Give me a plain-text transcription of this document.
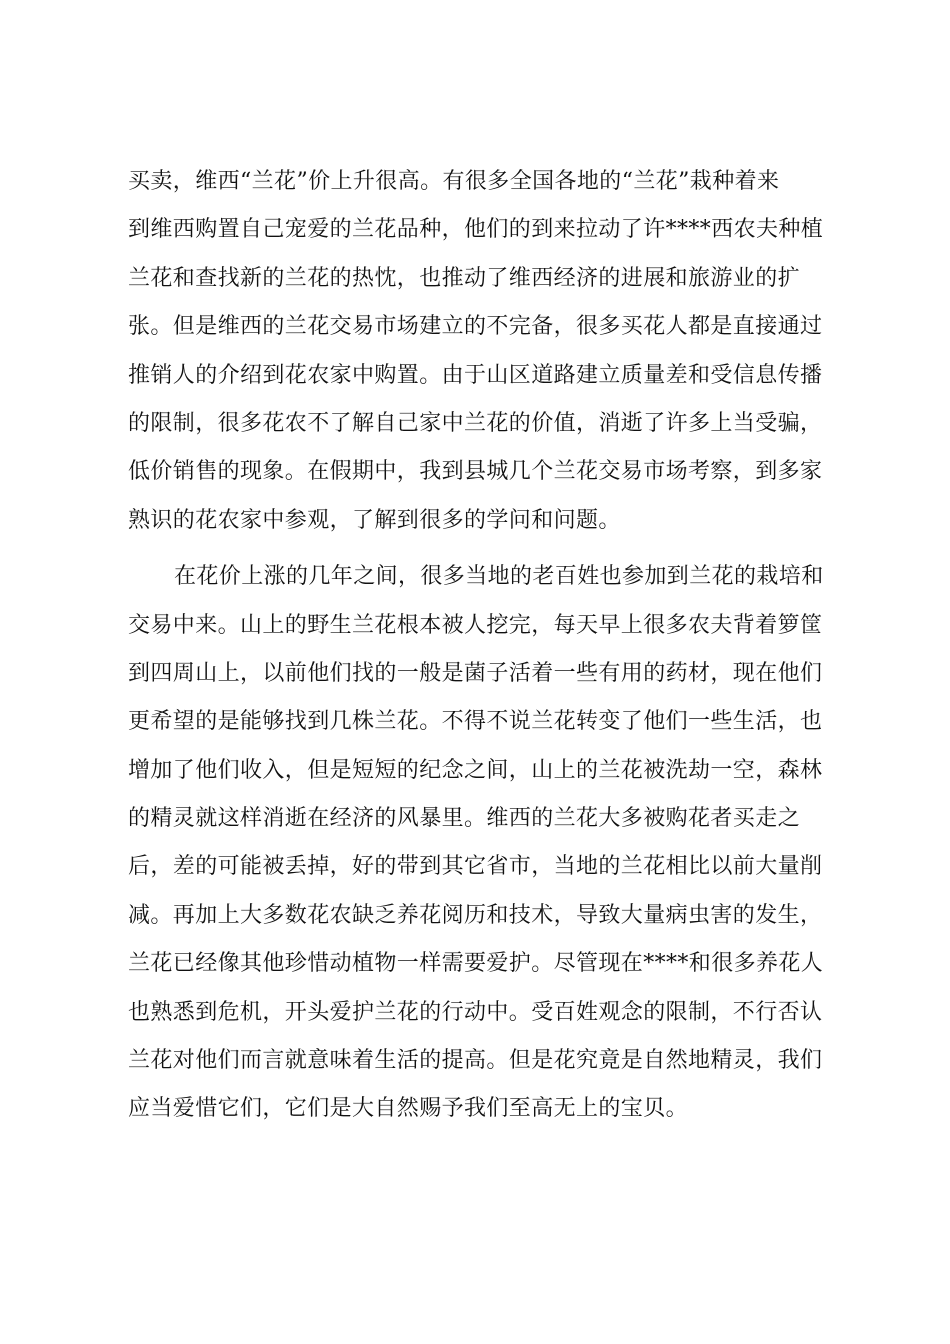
买卖，维西“兰花”价上升很高。有很多全国各地的“兰花”栽种着来
到维西购置自己宠爱的兰花品种，他们的到来拉动了许****西农夫种植
兰花和查找新的兰花的热忱，也推动了维西经济的进展和旅游业的扩
张。但是维西的兰花交易市场建立的不完备，很多买花人都是直接通过
推销人的介绍到花农家中购置。由于山区道路建立质量差和受信息传播
的限制，很多花农不了解自己家中兰花的价值，消逝了许多上当受骗，
低价销售的现象。在假期中，我到县城几个兰花交易市场考察，到多家
熟识的花农家中参观，了解到很多的学问和问题。
在花价上涨的几年之间，很多当地的老百姓也参加到兰花的栽培和
交易中来。山上的野生兰花根本被人挖完，每天早上很多农夫背着箩筐
到四周山上，以前他们找的一般是菌子活着一些有用的药材，现在他们
更希望的是能够找到几株兰花。不得不说兰花转变了他们一些生活，也
增加了他们收入，但是短短的纪念之间，山上的兰花被洗劫一空，森林
的精灵就这样消逝在经济的风暴里。维西的兰花大多被购花者买走之
后，差的可能被丢掉，好的带到其它省市，当地的兰花相比以前大量削
减。再加上大多数花农缺乏养花阅历和技术，导致大量病虫害的发生，
兰花已经像其他珍惜动植物一样需要爱护。尽管现在****和很多养花人
也熟悉到危机，开头爱护兰花的行动中。受百姓观念的限制，不行否认
兰花对他们而言就意味着生活的提高。但是花究竟是自然地精灵，我们
应当爱惜它们，它们是大自然赐予我们至高无上的宝贝。
